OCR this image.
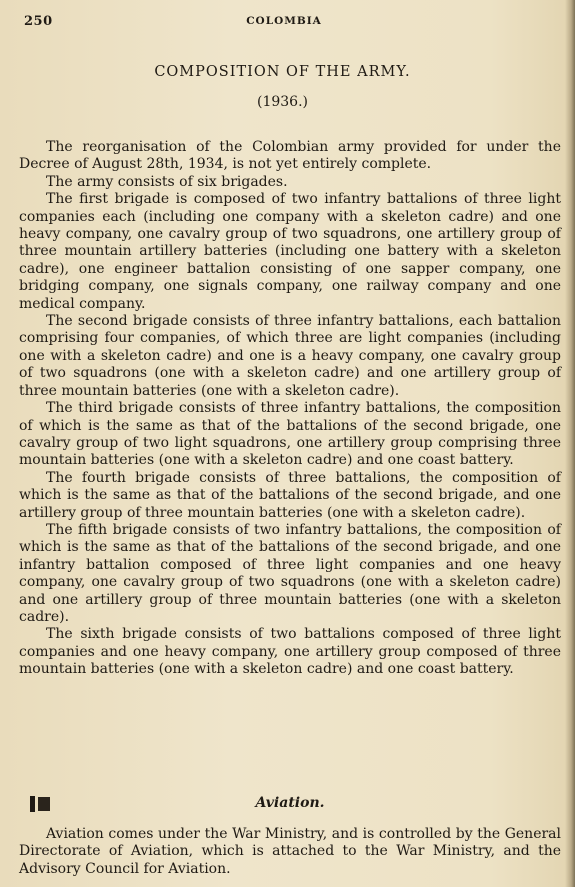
250	COLOMBIA
COMPOSITION OF THE ARMY.
(1936.)

The reorganisation of the Colombian army provided for under the Decree of August 28th, 1934, is not yet entirely complete.

The army consists of six brigades.

The first brigade is composed of two infantry battalions of three light companies each (including one company with a skeleton cadre) and one heavy company, one cavalry group of two squadrons, one artillery group of three mountain artillery batteries (including one battery with a skeleton cadre), one engineer battalion consisting of one sapper company, one bridging company, one signals company, one railway company and one medical company.

The second brigade consists of three infantry battalions, each battalion comprising four companies, of which three are light companies (including one with a skeleton cadre) and one is a heavy company, one cavalry group of two squadrons (one with a skeleton cadre) and one artillery group of three mountain batteries (one with a skeleton cadre).

The third brigade consists of three infantry battalions, the composition of which is the same as that of the battalions of the second brigade, one cavalry group of two light squadrons, one artillery group comprising three mountain batteries (one with a skeleton cadre) and one coast battery.

The fourth brigade consists of three battalions, the composition of which is the same as that of the battalions of the second brigade, and one artillery group of three mountain batteries (one with a skeleton cadre).

The fifth brigade consists of two infantry battalions, the composition of which is the same as that of the battalions of the second brigade, and one infantry battalion composed of three light companies and one heavy company, one cavalry group of two squadrons (one with a skeleton cadre) and one artillery group of three mountain batteries (one with a skeleton cadre).

The sixth brigade consists of two battalions composed of three light companies and one heavy company, one artillery group composed of three mountain batteries (one with a skeleton cadre) and one coast battery.

Aviation.

Aviation comes under the War Ministry, and is controlled by the General Directorate of Aviation, which is attached to the War Ministry, and the Advisory Council for Aviation.
